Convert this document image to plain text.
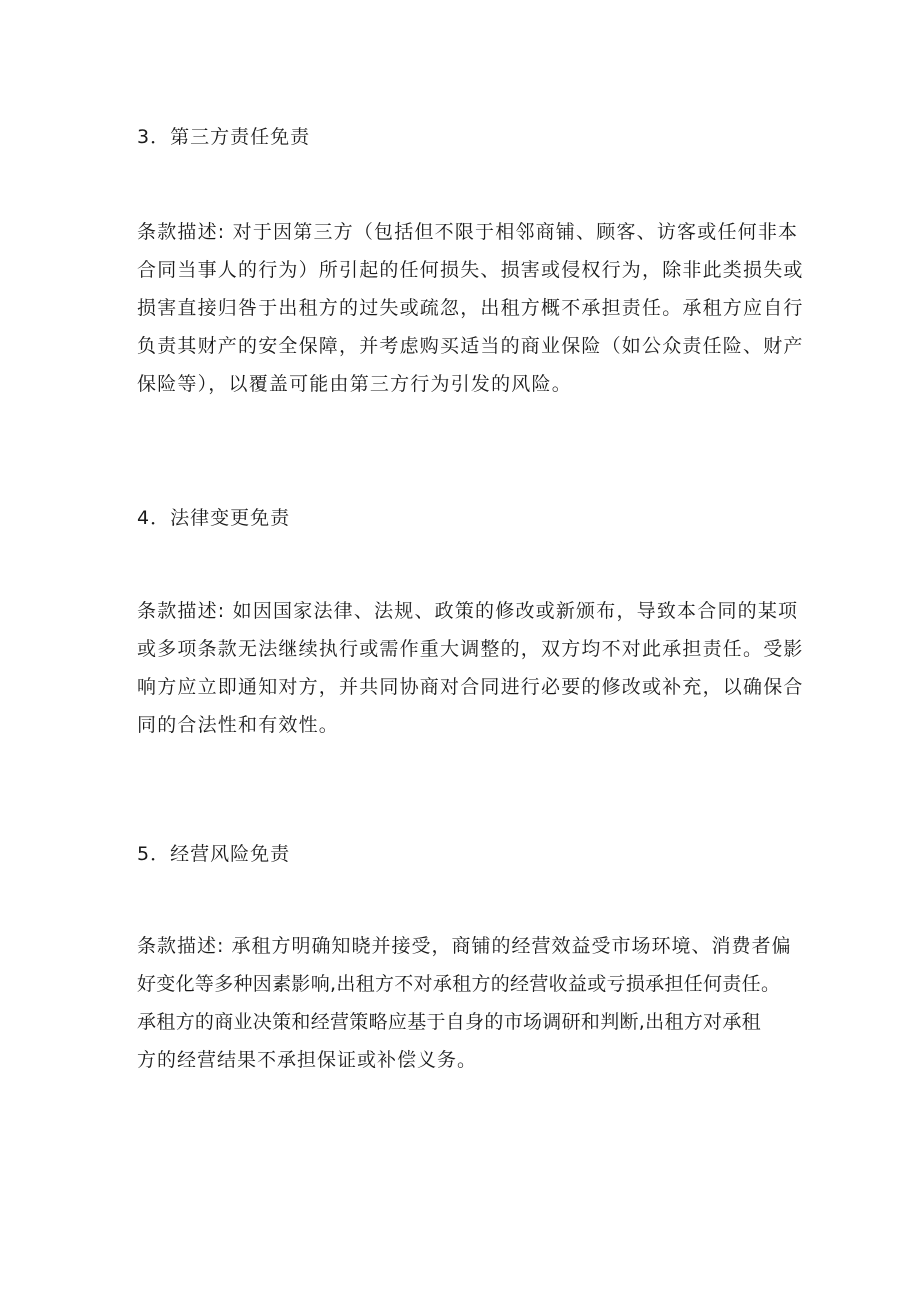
3．第三方责任免责
条款描述: 对于因第三方（包括但不限于相邻商铺、顾客、访客或任何非本
合同当事人的行为）所引起的任何损失、损害或侵权行为，除非此类损失或
损害直接归咎于出租方的过失或疏忽，出租方概不承担责任。承租方应自行
负责其财产的安全保障，并考虑购买适当的商业保险（如公众责任险、财产
保险等），以覆盖可能由第三方行为引发的风险。
4．法律变更免责
条款描述: 如因国家法律、法规、政策的修改或新颁布，导致本合同的某项
或多项条款无法继续执行或需作重大调整的，双方均不对此承担责任。受影
响方应立即通知对方，并共同协商对合同进行必要的修改或补充，以确保合
同的合法性和有效性。
5．经营风险免责
条款描述: 承租方明确知晓并接受，商铺的经营效益受市场环境、消费者偏
好变化等多种因素影响,出租方不对承租方的经营收益或亏损承担任何责任。
承租方的商业决策和经营策略应基于自身的市场调研和判断,出租方对承租
方的经营结果不承担保证或补偿义务。
